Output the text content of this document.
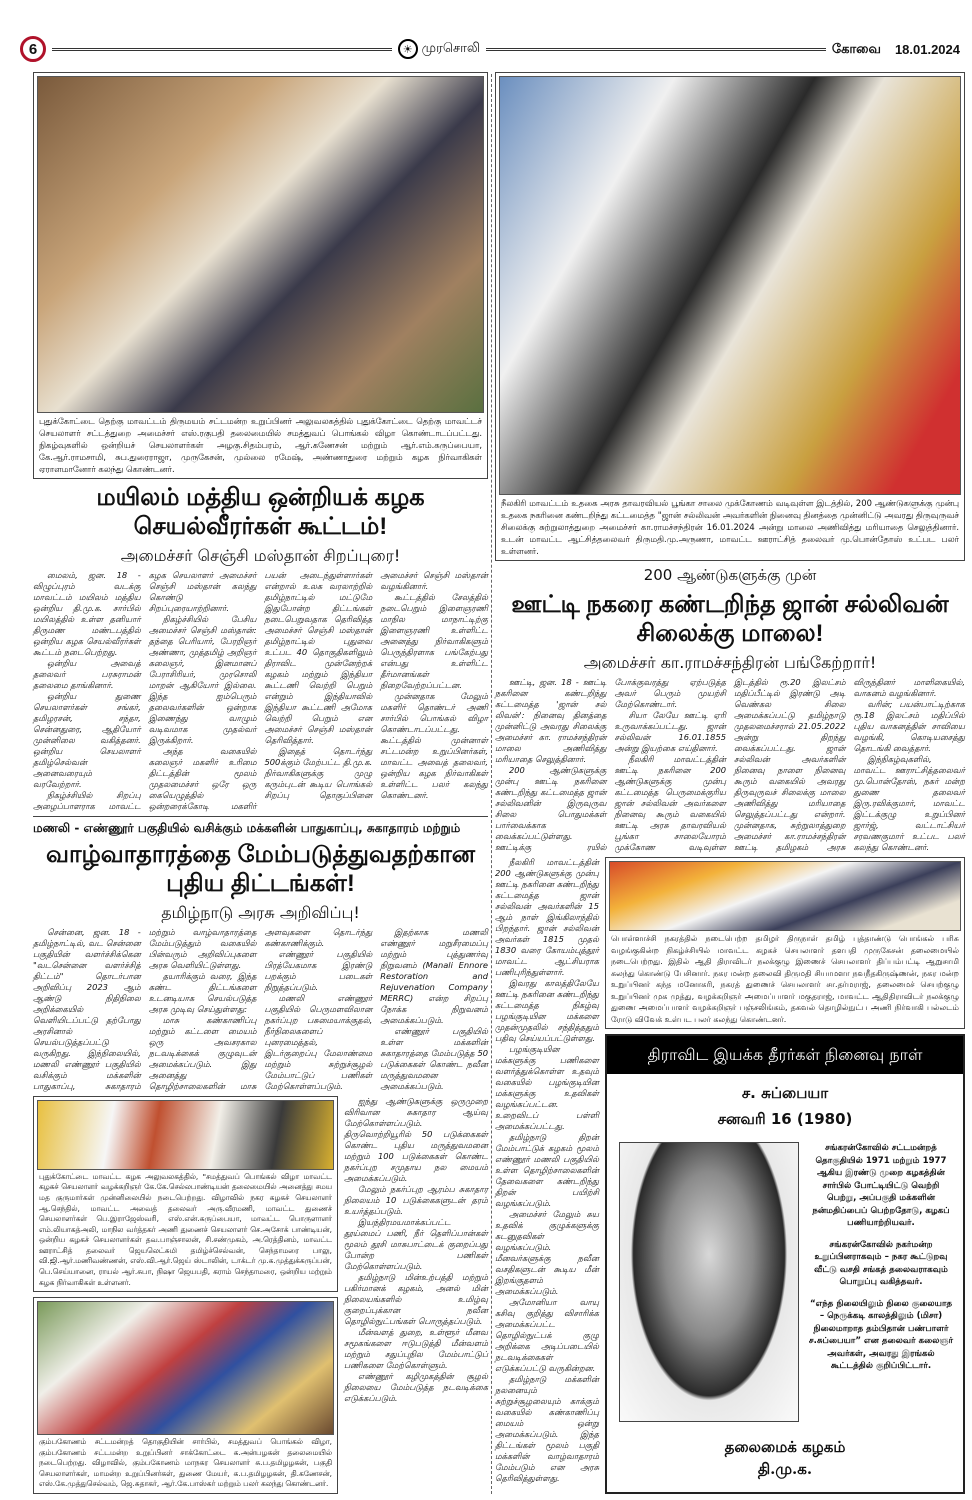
6	☀ முரசொலி	கோவை 18.01.2024
புதுக்கோட்டை தெற்கு மாவட்டம் திருமயம் சட்டமன்ற உறுப்பினர் அலுவலகத்தில் புதுக்கோட்டை தெற்கு மாவட்டச் செயலாளர் சட்டத்துறை அமைச்சர் எஸ்.ரகுபதி தலைமையில் சமத்துவப் பொங்கல் விழா கொண்டாடப்பட்டது. நிகழ்வுகளில் ஒன்றியச் செயலாளர்கள் அழகு.சிதம்பரம், ஆர்.கணேசன் மற்றும் ஆர்.எம்.கருப்பையா, கே.ஆர்.ராமசாமி, சுப.துரைராஜா, முருகேசன், முல்லை ரமேஷ், அண்ணாதுரை மற்றும் கழக நிர்வாகிகள் ஏராளமானோர் கலந்து கொண்டனர்.
மயிலம் மத்திய ஒன்றியக் கழக செயல்வீரர்கள் கூட்டம்!
அமைச்சர் செஞ்சி மஸ்தான் சிறப்புரை!

மைலம், ஜன. 18 - விழுப்புரம் வடக்கு மாவட்டம் மயிலம் மத்திய ஒன்றிய தி.மு.க. சார்பில் மயிலத்தில் உள்ள தனியார் திருமண மண்டபத்தில் ஒன்றிய கழக செயல்வீரர்கள் கூட்டம் நடைபெற்றது.

ஒன்றிய அவைத் தலைவர் பரசுராமன் தலைமை தாங்கினார்.

ஒன்றிய துணை செயலாளர்கள் சங்கர், தமிழரசன், சந்தா, சென்னதுரை, ஆதியோர் முன்னிலை வகித்தனர். ஒன்றிய செயலாளர் தமிழ்செல்வன் அனைவரையும் வரவேற்றார்.

நிகழ்ச்சியில் சிறப்பு அழைப்பாளராக மாவட்ட கழக செயலாளர் அமைச்சர் செஞ்சி மஸ்தான் கலந்து கொண்டு சிறப்புரையாற்றினார்.

நிகழ்ச்சியில் பேசிய அமைச்சர் செஞ்சி மஸ்தான்: தந்தை பெரியார், பேரறிஞர் அண்ணா, முத்தமிழ் அறிஞர் கலைஞர், இனமானப் பேராசிரியர், முரசொலி மாறன் ஆகியோர் இல்லை. இந்த ஐம்பெரும் தலைவர்களின் ஒன்றாக இணைந்து வாழும் வடிவமாக முதல்வர் இருக்கிறார்.

அந்த வகையில் கலைஞர் மகளிர் உரிமை திட்டத்தின் மூலம் முதலமைச்சர் ஒரே ஒரு கையெழுத்தில் ஒன்றரைக்கோடி மகளிர் பயன் அடைந்துள்ளார்கள் என்றால் உலக வரலாற்றில் தமிழ்நாட்டில் மட்டுமே இதுபோன்ற திட்டங்கள் நடைபெறுவதாக தெரிவித்த அமைச்சர் செஞ்சி மஸ்தான் தமிழ்நாட்டில் புதுவை உட்பட 40 தொகுதிகளிலும் திராவிட முன்னேற்றக் கழகம் மற்றும் இந்தியா கூட்டணி வெற்றி பெறும் என்றும் இந்தியாவில் இந்தியா கூட்டணி அமோக வெற்றி பெறும் என அமைச்சர் செஞ்சி மஸ்தான் தெரிவித்தார்.

இதைத் தொடர்ந்து 500க்கும் மேற்பட்ட தி.மு.க. நிர்வாகிகளுக்கு முழு கரும்புடன் கூடிய பொங்கல் சிறப்பு தொகுப்பினை அமைச்சர் செஞ்சி மஸ்தான் வழங்கினார்.

கூட்டத்தில் சேலத்தில் நடைபெறும் இளைஞரணி மாநில மாநாட்டிற்கு இளைஞரணி உள்ளிட்ட அனைத்து நிர்வாகிகளும் பெருந்திரளாக பங்கேற்பது என்பது உள்ளிட்ட தீர்மானங்கள் நிறைவேற்றப்பட்டன.

முன்னதாக மேலும் மகளிர் தொண்டர் அணி சார்பில் பொங்கல் விழா கொண்டாடப்பட்டது. கூட்டத்தில் முன்னாள் சட்டமன்ற உறுப்பினர்கள், மாவட்ட அவைத் தலைவர், ஒன்றிய கழக நிர்வாகிகள் உள்ளிட்ட பலர் கலந்து கொண்டனர்.

மணலி - எண்ணூர் பகுதியில் வசிக்கும் மக்களின் பாதுகாப்பு, சுகாதாரம் மற்றும்
வாழ்வாதாரத்தை மேம்படுத்துவதற்கான புதிய திட்டங்கள்!
தமிழ்நாடு அரசு அறிவிப்பு!

சென்னை, ஜன. 18 - தமிழ்நாட்டில், வட சென்னை பகுதியின் வளர்ச்சிக்கென "வடசென்னை வளர்ச்சித் திட்டம்" தொடர்பான அறிவிப்பு 2023 ஆம் ஆண்டு நிதிநிலை அறிக்கையில் வெளியிடப்பட்டு தற்போது அரசினால் செயல்படுத்தப்பட்டு வருகிறது. இந்நிலையில், மணலி எண்ணூர் பகுதியில் வசிக்கும் மக்களின் பாதுகாப்பு, சுகாதாரம் மற்றும் வாழ்வாதாரத்தை மேம்படுத்தும் வகையில் பின்வரும் அறிவிப்புகளை அரசு வெளியிட்டுள்ளது.

தயாரிக்கும் வரை, இந்த கண்ட திட்டங்களை உடனடியாக செயல்படுத்த அரசு முடிவு செய்துள்ளது:

மாசு கண்காணிப்பு மற்றும் கட்டளை மையம் ஒரு அவசரகால நடவடிக்கைக் குழுவுடன் அமைக்கப்படும். இது அனைத்து தொழிற்சாலைகளின் மாசு அளவுகளை தொடர்ந்து கண்காணிக்கும்.

எண்ணூர் பகுதியில் பிரத்யேகமாக இரண்டு பறக்கும் படைகள் நிறுத்தப்படும்.

மணலி எண்ணூர் பகுதியில் பெருமளவிலான நகர்ப்புற பசுமையாக்குதல், நீர்நிலைகளைப் புனரமைத்தல், இடர்குறைப்பு மேலாண்மை மற்றும் சுற்றுச்சூழல் மேம்பாட்டுப் பணிகள் மேற்கொள்ளப்படும்.

இதற்காக மணலி எண்ணூர் மறுசீரமைப்பு மற்றும் புத்துணர்வு நிறுவனம் (Manali Ennore Restoration and Rejuvenation Company MERRC) என்ற சிறப்பு நோக்க நிறுவனம் அமைக்கப்படும்.

எண்ணூர் பகுதியில் உள்ள மக்களின் சுகாதாரத்தை மேம்படுத்த 50 படுக்கைகள் கொண்ட நவீன மருத்துவமனை அமைக்கப்படும்.

புதுக்கோட்டை மாவட்ட கழக அலுவலகத்தில், "சமத்துவப் பொங்கல் விழா மாவட்ட கழகச் செயலாளர் வழக்கறிஞர் கே.கே.செல்லபாண்டியன் தலைமையில் அனைத்து சமய மத குருமார்கள் முன்னிலையில் நடைபெற்றது. விழாவில் நகர கழகச் செயலாளர் ஆ.செந்தில், மாவட்ட அவைத் தலைவர் அரு.வீரமணி, மாவட்ட துணைச் செயலாளர்கள் பெ.இராஜேஸ்வரி, எஸ்.என்.கருப்பையா, மாவட்ட பொருளாளர் எம்.லியாகத்அலி, மாநில வர்த்தகர் அணி துணைச் செயலாளர் செ.அசோக் பாண்டியன், ஒன்றிய கழகச் செயலாளர்கள் தவ.பாஞ்சாலன், சி.சண்முகம், அ.ரெத்தினம், மாவட்ட ஊராட்சித் தலைவர் ஜெயலெட்சுமி தமிழ்ச்செல்வன், செந்தாமரை பாலு, வி.ஜி.ஆர்.மணிவண்ணன், எஸ்.வி.ஆர்.ஜெய் ஸ்டாலின், டாக்டர் மு.க.முத்துக்கருப்பன், பெ.செய்யானை, ராயல் ஆர்.சுபா, நிஷா ஜெயபதி, கராம் செந்தாமரை, ஒன்றிய மற்றும் கழக நிர்வாகிகள் உள்ளனர்.
கும்பகோணம் சட்டமன்றத் தொகுதியின் சார்பில், சமத்துவப் பொங்கல் விழா, கும்பகோணம் சட்டமன்ற உறுப்பினர் சாக்கோட்டை க.அன்பழகன் தலைமையில் நடைபெற்றது. விழாவில், கும்பகோணம் மாநகர செயலாளர் சு.ப.தமிழழகன், பகுதி செயலாளர்கள், மாமன்ற உறுப்பினர்கள், துணை மேயர், க.ப.தமிழழகன், தி.கணேசன், எஸ்.கே.முத்துசெல்வம், ஜெ.சுதாகர், ஆர்.கே.பாஸ்கர் மற்றும் பலர் கலந்து கொண்டனர்.

ஐந்து ஆண்டுகளுக்கு ஒருமுறை விரிவான சுகாதார ஆய்வு மேற்கொள்ளப்படும். திருவொற்றியூரில் 50 படுக்கைகள் கொண்ட புதிய மருத்துவமனை மற்றும் 100 படுக்கைகள் கொண்ட நகர்ப்புற சமுதாய நல மையம் அமைக்கப்படும்.

மேலும் நகர்ப்புற ஆரம்ப சுகாதார நிலையம் 10 படுக்கைகளுடன் தரம் உயர்த்தப்படும்.

இயந்திரமயமாக்கப்பட்ட தூய்மைப் பணி, நீர் தெளிப்பான்கள் மூலம் தூசி மாசுபாட்டைக் குறைப்பது போன்ற பணிகள் மேற்கொள்ளப்படும்.

தமிழ்நாடு மின்உற்பத்தி மற்றும் பகிர்மானக் கழகம், அனல் மின் நிலையங்களில் உமிழ்வு குறைப்புக்கான நவீன தொழில்நுட்பங்கள் பொருத்தப்படும்.

மீன்வளத் துறை, உள்ளூர் மீனவ சமூகங்களை ஈடுபடுத்தி மீன்வளம் மற்றும் சதுப்புநில மேம்பாட்டுப் பணிகளை மேற்கொள்ளும்.

எண்ணூர் கழிமுகத்தின் சூழல் நிலையை மேம்படுத்த நடவடிக்கை எடுக்கப்படும்.

நீலகிரி மாவட்டம் உதகை அரசு தாவரவியல் பூங்கா சாலை முக்கோணம் வடிவுள்ள இடத்தில், 200 ஆண்டுகளுக்கு முன்பு உதகை நகரினை கண்டறிந்து கட்டமைத்த "ஜான் சல்லிவன் அவர்களின் நினைவு தினத்தை முன்னிட்டு அவரது திருவுருவச் சிலைக்கு சுற்றுலாத்துறை அமைச்சர் கா.ராமச்சந்திரன் 16.01.2024 அன்று மாலை அணிவித்து மரியாதை செலுத்தினார். உடன் மாவட்ட ஆட்சித்தலைவர் திருமதி.மு.அருணா, மாவட்ட ஊராட்சித் தலைவர் மு.பொன்தோஸ் உட்பட பலர் உள்ளனர்.
200 ஆண்டுகளுக்கு முன்
ஊட்டி நகரை கண்டறிந்த ஜான் சல்லிவன் சிலைக்கு மாலை!
அமைச்சர் கா.ராமச்சந்திரன் பங்கேற்றார்!

ஊட்டி, ஜன. 18 - ஊட்டி நகரினை கண்டறிந்து கட்டமைத்த 'ஜான் சல் லிவன்': நினைவு தினத்தை முன்னிட்டு அவரது சிலைக்கு அமைச்சர் கா. ராமச்சந்திரன் மாலை அணிவித்து மரியாதை செலுத்தினார்.

200 ஆண்டுகளுக்கு முன்பு ஊட்டி நகரினை கண்டறிந்து கட்டமைத்த ஜான் சல்லிவனின் இருவுருவ சிலை பொதுமக்கள் பார்வைக்காக வைக்கப்பட்டுள்ளது. ஊட்டிக்கு ரயில் போக்குவரத்து ஏற்படுத்த அவர் பெரும் முயற்சி மேற்கொண்டார்.

சியா லேயே ஊட்டி ஏரி உருவாக்கப்பட்டது. ஜான் சல்லிவன் 16.01.1855 அன்று இயற்கை எய்தினார்.

நீலகிரி மாவட்டத்தின் ஊட்டி நகரினை 200 ஆண்டுகளுக்கு முன்பு கட்டமைத்த பெருமைக்குரிய ஜான் சல்லிவன் அவர்களை நினைவு கூரும் வகையில் ஊட்டி அரசு தாவரவியல் பூங்கா சாலையோரம் முக்கோண வடிவுள்ள இடத்தில் ரூ.20 இலட்சம் மதிப்பீட்டில் இரண்டு அடி வெண்கல சிலை அமைக்கப்பட்டு தமிழ்நாடு முதலமைச்சரால் 21.05.2022 அன்று திறந்து வைக்கப்பட்டது. ஜான் சல்லிவன் அவர்களின் நினைவு நாளை நினைவு கூரும் வகையில் அவரது திருவுருவச் சிலைக்கு மாலை அணிவித்து மரியாதை செலுத்தப்பட்டது என்றார். முன்னதாக, சுற்றுலாத்துறை அமைச்சர் கா.ராமச்சந்திரன் ஊட்டி தமிழகம் அரசு விருந்தினர் மாளிகையில், வாகனம் வழங்கினார்.

வரின்; பயன்பாட்டிற்காக ரூ.18 இலட்சம் மதிப்பில் புதிய வாகனத்தின் சாவியை வழங்கி, கொடியசைத்து தொடங்கி வைத்தார்.

இந்நிகழ்வுகளில், மாவட்ட ஊராட்சித்தலைவர் மு.பொன்தோஸ், நகர் மன்ற துணை தலைவர் இரு.ரவிக்குமார், மாவட்ட இட்டக்குழு உறுப்பினர் ஜார்ஜ், வட்டாட்சியர் சரவணகுமார் உட்பட பலர் கலந்து கொண்டனர்.

நீலகிரி மாவட்டத்தின் 200 ஆண்டுகளுக்கு முன்பு ஊட்டி நகரினை கண்டறிந்து கட்டமைத்த ஜான் சல்லிவன் அவர்களின் 15 ஆம் நாள் இங்கிலாந்தில் பிறந்தார். ஜான் சல்லிவன் அவர்கள் 1815 முதல் 1830 வரை கோயம்புத்தூர் மாவட்ட ஆட்சியராக பணிபுரிந்துள்ளார்.

இவரது காலத்திலேயே ஊட்டி நகரினை கண்டறிந்து கட்டமைத்த நிகழ்வு பழங்குடியின மக்களை முதன்முதலில் சந்தித்ததும் பதிவு செய்யப்பட்டுள்ளது.

பழங்குடியின மக்களுக்கு பணிகளை வளர்த்துக்கொள்ள உதவும் வகையில் பழங்குடியின மக்களுக்கு உதவிகள் வழங்கப்பட்டன. உறைவிடப் பள்ளி அமைக்கப்பட்டது.

தமிழ்நாடு திறன் மேம்பாட்டுக் கழகம் மூலம் எண்ணூர் மணலி பகுதியில் உள்ள தொழிற்சாலைகளின் தேவைகளை கண்டறிந்து திறன் பயிற்சி வழங்கப்படும்.

அமைச்சர் மேலும் சுய உதவிக் குழுக்களுக்கு கடனுதவிகள் வழங்கப்படும். மீனவர்களுக்கு நவீன வசதிகளுடன் கூடிய மீன் இறங்குதளம் அமைக்கப்படும்.

அமோனியா வாயு கசிவு குறித்து விசாரிக்க அமைக்கப்பட்ட தொழில்நுட்பக் குழு அறிக்கை அடிப்படையில் நடவடிக்கைகள் எடுக்கப்பட்டு வருகின்றன.

தமிழ்நாடு மக்களின் நலனையும் சுற்றுச்சூழலையும் காக்கும் வகையில் கண்காணிப்பு மையம் ஒன்று அமைக்கப்படும். இந்த திட்டங்கள் மூலம் பகுதி மக்களின் வாழ்வாதாரம் மேம்படும் என அரசு தெரிவித்துள்ளது.

பொள்ளாச்சி நகரத்தில் நடைபெற்ற தமிழர் திருநாள் தமிழ் புத்தாண்டு பொங்கல் பரிசு வழங்குகின்ற நிகழ்ச்சியில் மாவட்ட கழகச் செயலாளர் தளபதி முருகேசன் தலைமையில் நடைபெற்றது. இதில் ஆதி திராவிடர் நலக்குழு இணைச் செயலாளர் திப்பம்பட்டி ஆறுசாமி கலந்து கொண்டு பேசினார். நகர மன்ற தலைவி திருமதி சியாமளா நவநீதகிருஷ்ணன், நகர மன்ற உறுப்பினர் கந்த மனோகரி, நகரத் துணைச் செயலாளர் சா.தர்மராஜ், தலைமைச் செயற்குழு உறுப்பினர் முக முத்து, வழக்கறிஞர் அமைப்பாளர் மகுதராஜ், மாவட்ட ஆதிதிராவிடர் நலக்குழு துணை அமைப்பாளர் வழக்கறிஞர் பஞ்சலிங்கம், தகவல் தொழில்நுட்ப அணி நிர்வாகி பல்லடம் ரோடு விவேக் உள்பட பலர் கலந்து கொண்டனர்.
திராவிட இயக்க தீரர்கள் நினைவு நாள்
ச. சுப்பையா
சனவரி 16 (1980)

சங்கரன்கோவில் சட்டமன்றத் தொகுதியில் 1971 மற்றும் 1977 ஆகிய இரண்டு முறை கழகத்தின் சார்பில் போட்டியிட்டு வெற்றி பெற்று, அப்பகுதி மக்களின் நன்மதிப்பைப் பெற்றதோடு, கழகப் பணியாற்றியவர்.

சங்கரன்கோவில் நகர்மன்ற உறுப்பினராகவும் – நகர கூட்டுறவு வீட்டு வசதி சங்கத் தலைவராகவும் பொறுப்பு வகித்தவர்.

“எந்த நிலையிலும் நிலை குலையாத – நெருக்கடி காலத்திலும் (மிசா) நிலைமாறாத தம்பிதான் பண்பாளர் ச.சுப்பையா” என தலைவர் கலைஞர் அவர்கள், அவரது இரங்கல் கூட்டத்தில் குறிப்பிட்டார்.

தலைமைக் கழகம்
தி.மு.க.
